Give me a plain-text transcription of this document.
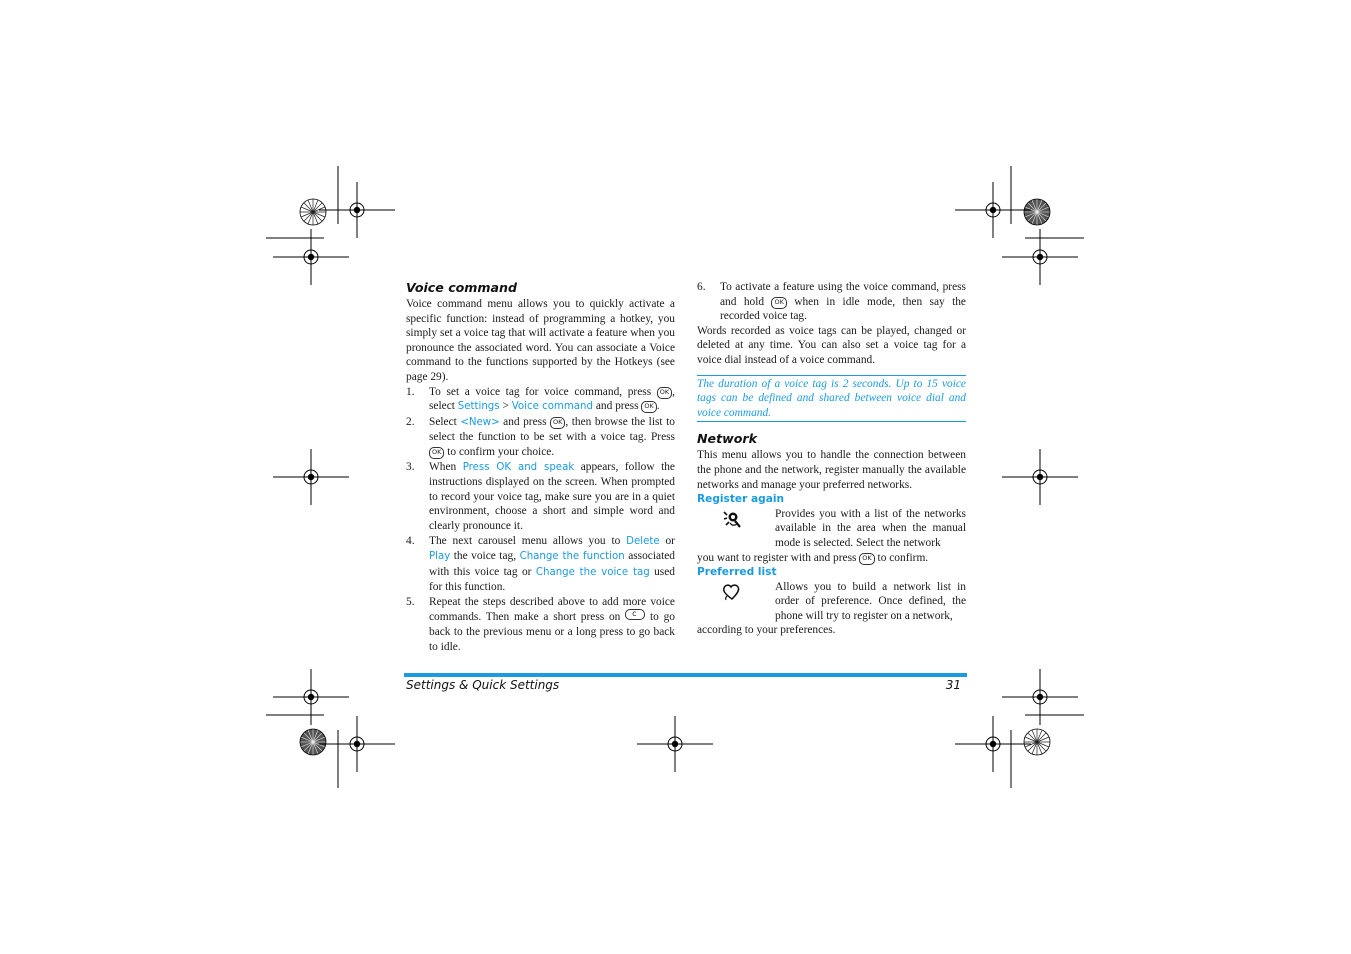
Voice command

Voice command menu allows you to quickly activate a specific function: instead of programming a hotkey, you simply set a voice tag that will activate a feature when you pronounce the associated word. You can associate a Voice command to the functions supported by the Hotkeys (see page 29).

1. To set a voice tag for voice command, press OK , select Settings > Voice command and press OK .
2. Select <New> and press OK , then browse the list to select the function to be set with a voice tag. Press OK to confirm your choice.
3. When Press OK and speak appears, follow the instructions displayed on the screen. When prompted to record your voice tag, make sure you are in a quiet environment, choose a short and simple word and clearly pronounce it.
4. The next carousel menu allows you to Delete or Play the voice tag, Change the function associated with this voice tag or Change the voice tag used for this function.
5. Repeat the steps described above to add more voice commands. Then make a short press on c	to go back to the previous menu or a long press to go back to idle.
6. To activate a feature using the voice command, press and hold OK when in idle mode, then say the recorded voice tag.

Words recorded as voice tags can be played, changed or deleted at any time. You can also set a voice tag for a voice dial instead of a voice command.

The duration of a voice tag is 2 seconds. Up to 15 voice tags can be defined and shared between voice dial and voice command.
Network

This menu allows you to handle the connection between the phone and the network, register manually the available networks and manage your preferred networks.

Register again

Provides you with a list of the networks available in the area when the manual mode is selected. Select the network

you want to register with and press OK to confirm.

Preferred list

Allows you to build a network list in order of preference. Once defined, the phone will try to register on a network,

according to your preferences.

Settings & Quick Settings	31
